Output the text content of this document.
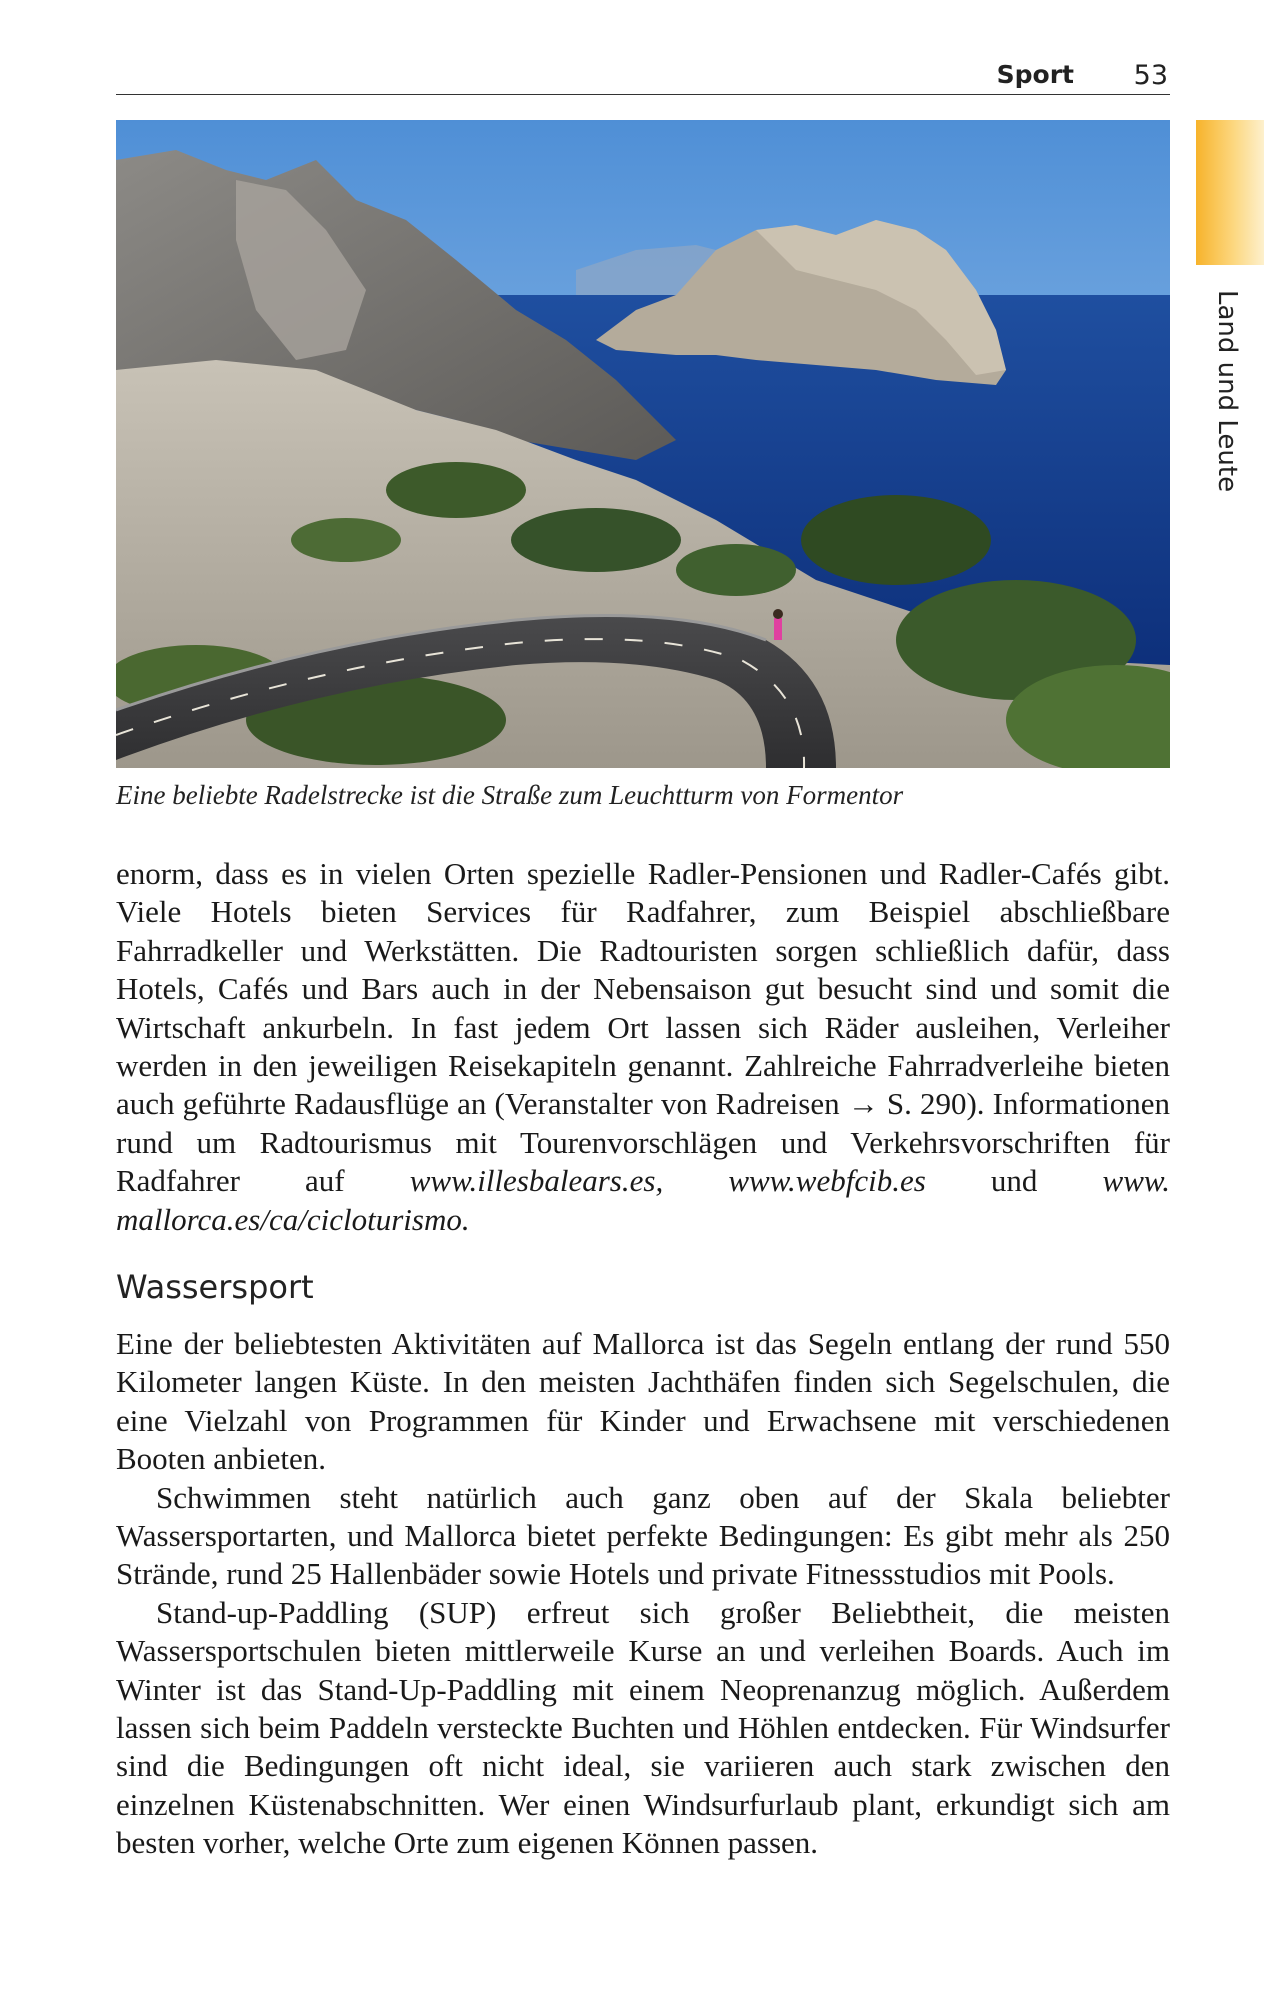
Sport 53
Land und Leute
Eine beliebte Radelstrecke ist die Straße zum Leuchtturm von Formentor

enorm, dass es in vielen Orten spezielle Radler-Pensionen und Radler-Cafés gibt. Viele Hotels bieten Services für Radfahrer, zum Beispiel abschließbare Fahrradkeller und Werkstätten. Die Radtouristen sorgen schließlich dafür, dass Hotels, Cafés und Bars auch in der Nebensaison gut besucht sind und somit die Wirtschaft ankurbeln. In fast jedem Ort lassen sich Räder ausleihen, Verleiher werden in den jeweiligen Reisekapiteln genannt. Zahlreiche Fahrradverleihe bieten auch geführte Radausflüge an (Veranstalter von Radreisen → S. 290). Informationen rund um Radtourismus mit Tourenvorschlägen und Verkehrsvorschriften für Radfahrer auf www.illesbalears.es, www.webfcib.es und www. mallorca.es/ca/cicloturismo.

Wassersport

Eine der beliebtesten Aktivitäten auf Mallorca ist das Segeln entlang der rund 550 Kilometer langen Küste. In den meisten Jachthäfen finden sich Segelschulen, die eine Vielzahl von Programmen für Kinder und Erwachsene mit verschiedenen Booten anbieten.

Schwimmen steht natürlich auch ganz oben auf der Skala beliebter Wassersportarten, und Mallorca bietet perfekte Bedingungen: Es gibt mehr als 250 Strände, rund 25 Hallenbäder sowie Hotels und private Fitnessstudios mit Pools.

Stand-up-Paddling (SUP) erfreut sich großer Beliebtheit, die meisten Wassersportschulen bieten mittlerweile Kurse an und verleihen Boards. Auch im Winter ist das Stand-Up-Paddling mit einem Neoprenanzug möglich. Außerdem lassen sich beim Paddeln versteckte Buchten und Höhlen entdecken. Für Windsurfer sind die Bedingungen oft nicht ideal, sie variieren auch stark zwischen den einzelnen Küstenabschnitten. Wer einen Windsurfurlaub plant, erkundigt sich am besten vorher, welche Orte zum eigenen Können passen.
